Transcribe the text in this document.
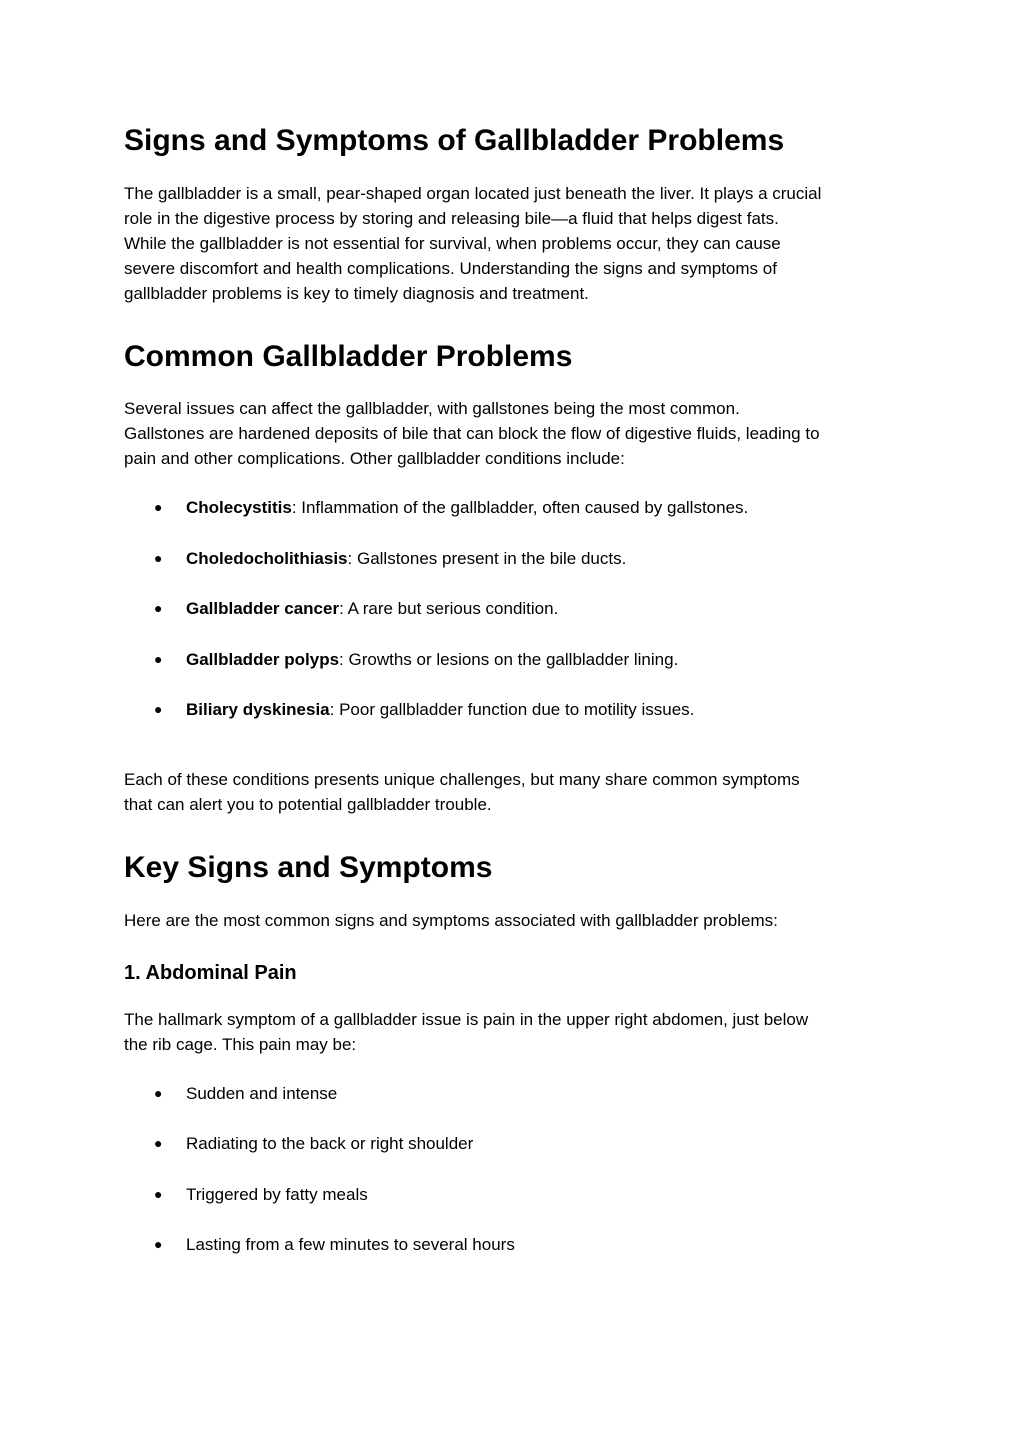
Signs and Symptoms of Gallbladder Problems

The gallbladder is a small, pear-shaped organ located just beneath the liver. It plays a crucial
role in the digestive process by storing and releasing bile—a fluid that helps digest fats.
While the gallbladder is not essential for survival, when problems occur, they can cause
severe discomfort and health complications. Understanding the signs and symptoms of
gallbladder problems is key to timely diagnosis and treatment.

Common Gallbladder Problems

Several issues can affect the gallbladder, with gallstones being the most common.
Gallstones are hardened deposits of bile that can block the flow of digestive fluids, leading to
pain and other complications. Other gallbladder conditions include:

● Cholecystitis: Inflammation of the gallbladder, often caused by gallstones.
● Choledocholithiasis: Gallstones present in the bile ducts.
● Gallbladder cancer: A rare but serious condition.
● Gallbladder polyps: Growths or lesions on the gallbladder lining.
● Biliary dyskinesia: Poor gallbladder function due to motility issues.

Each of these conditions presents unique challenges, but many share common symptoms
that can alert you to potential gallbladder trouble.

Key Signs and Symptoms

Here are the most common signs and symptoms associated with gallbladder problems:

1. Abdominal Pain

The hallmark symptom of a gallbladder issue is pain in the upper right abdomen, just below
the rib cage. This pain may be:

● Sudden and intense
● Radiating to the back or right shoulder
● Triggered by fatty meals
● Lasting from a few minutes to several hours
